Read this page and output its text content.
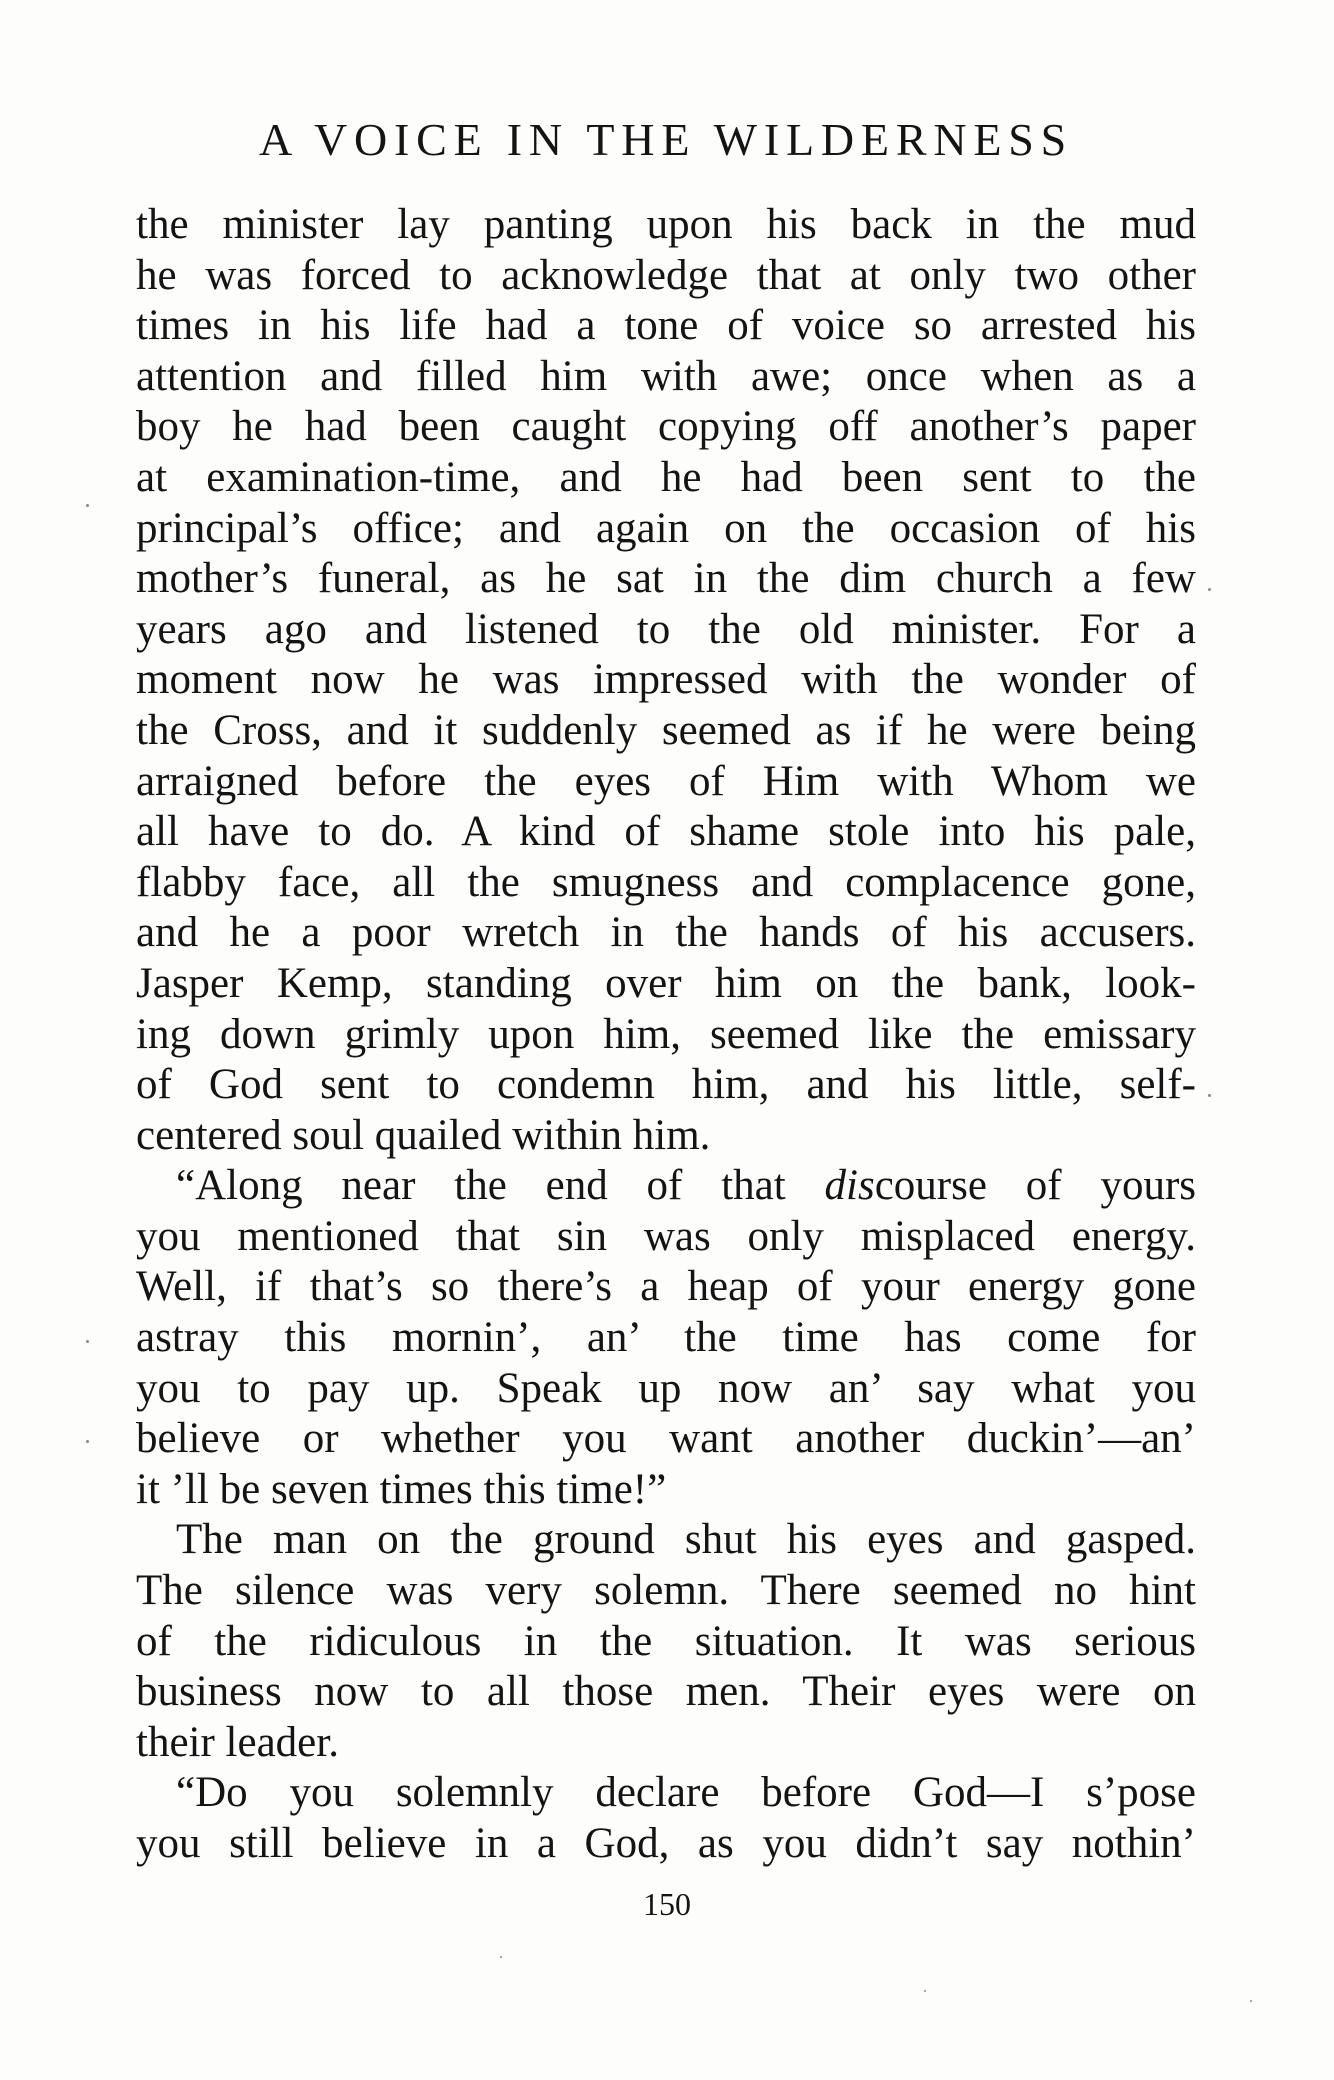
A VOICE IN THE WILDERNESS
the minister lay panting upon his back in the mud
he was forced to acknowledge that at only two other
times in his life had a tone of voice so arrested his
attention and filled him with awe; once when as a
boy he had been caught copying off another’s paper
at examination-time, and he had been sent to the
principal’s office; and again on the occasion of his
mother’s funeral, as he sat in the dim church a few
years ago and listened to the old minister. For a
moment now he was impressed with the wonder of
the Cross, and it suddenly seemed as if he were being
arraigned before the eyes of Him with Whom we
all have to do. A kind of shame stole into his pale,
flabby face, all the smugness and complacence gone,
and he a poor wretch in the hands of his accusers.
Jasper Kemp, standing over him on the bank, look-
ing down grimly upon him, seemed like the emissary
of God sent to condemn him, and his little, self-
centered soul quailed within him.
“Along near the end of that discourse of yours
you mentioned that sin was only misplaced energy.
Well, if that’s so there’s a heap of your energy gone
astray this mornin’, an’ the time has come for
you to pay up. Speak up now an’ say what you
believe or whether you want another duckin’—an’
it ’ll be seven times this time!”
The man on the ground shut his eyes and gasped.
The silence was very solemn. There seemed no hint
of the ridiculous in the situation. It was serious
business now to all those men. Their eyes were on
their leader.
“Do you solemnly declare before God—I s’pose
you still believe in a God, as you didn’t say nothin’
150
